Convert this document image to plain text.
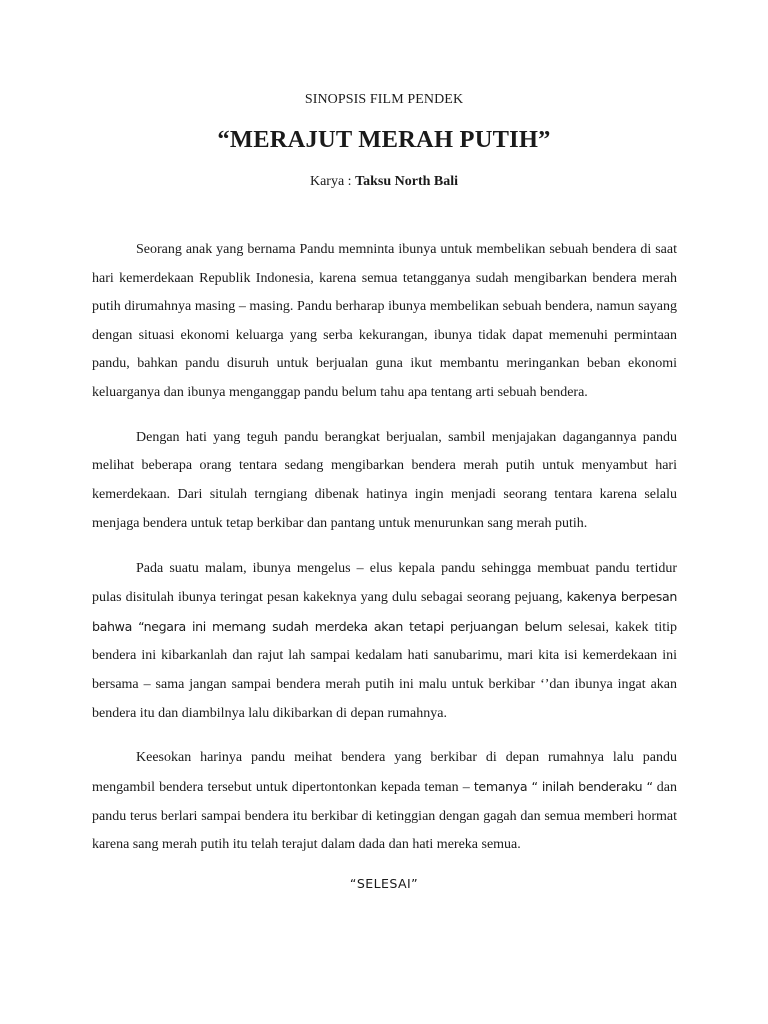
SINOPSIS FILM PENDEK
“MERAJUT MERAH PUTIH”
Karya : Taksu North Bali

Seorang anak yang bernama Pandu memninta ibunya untuk membelikan sebuah bendera di saat hari kemerdekaan Republik Indonesia, karena semua tetangganya sudah mengibarkan bendera merah putih dirumahnya masing – masing. Pandu berharap ibunya membelikan sebuah bendera, namun sayang dengan situasi ekonomi keluarga yang serba kekurangan, ibunya tidak dapat memenuhi permintaan pandu, bahkan pandu disuruh untuk berjualan guna ikut membantu meringankan beban ekonomi keluarganya dan ibunya menganggap pandu belum tahu apa tentang arti sebuah bendera.

Dengan hati yang teguh pandu berangkat berjualan, sambil menjajakan dagangannya pandu melihat beberapa orang tentara sedang mengibarkan bendera merah putih untuk menyambut hari kemerdekaan. Dari situlah terngiang dibenak hatinya ingin menjadi seorang tentara karena selalu menjaga bendera untuk tetap berkibar dan pantang untuk menurunkan sang merah putih.

Pada suatu malam, ibunya mengelus – elus kepala pandu sehingga membuat pandu tertidur pulas disitulah ibunya teringat pesan kakeknya yang dulu sebagai seorang pejuang, kakenya berpesan bahwa “negara ini memang sudah merdeka akan tetapi perjuangan belum selesai, kakek titip bendera ini kibarkanlah dan rajut lah sampai kedalam hati sanubarimu, mari kita isi kemerdekaan ini bersama – sama jangan sampai bendera merah putih ini malu untuk berkibar ‘’dan ibunya ingat akan bendera itu dan diambilnya lalu dikibarkan di depan rumahnya.

Keesokan harinya pandu meihat bendera yang berkibar di depan rumahnya lalu pandu mengambil bendera tersebut untuk dipertontonkan kepada teman – temanya “ inilah benderaku “ dan pandu terus berlari sampai bendera itu berkibar di ketinggian dengan gagah dan semua memberi hormat karena sang merah putih itu telah terajut dalam dada dan hati mereka semua.

“SELESAI”
